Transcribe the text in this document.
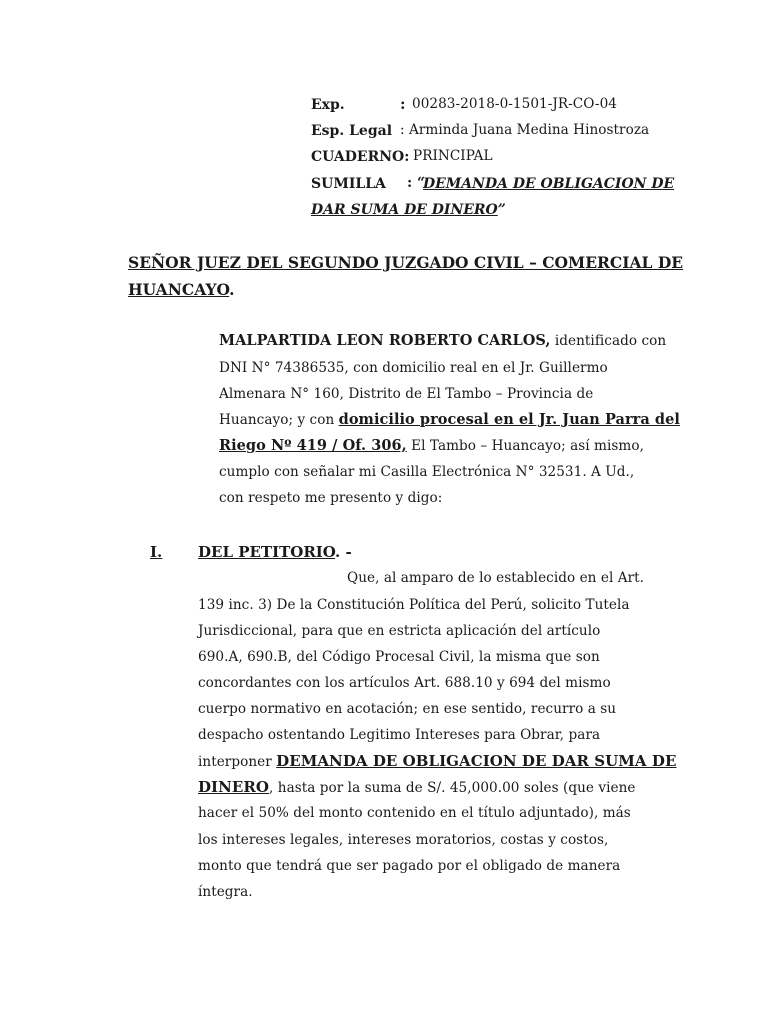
Exp.	: 00283-2018-0-1501-JR-CO-04
Esp. Legal : Arminda Juana Medina Hinostroza
CUADERNO: PRINCIPAL
SUMILLA : “
DEMANDA DE OBLIGACION DE
DAR SUMA DE DINERO”
SEÑOR JUEZ DEL SEGUNDO JUZGADO CIVIL – COMERCIAL DE
HUANCAYO.
MALPARTIDA LEON ROBERTO CARLOS, identificado con
DNI N° 74386535, con domicilio real en el Jr. Guillermo
Almenara N° 160, Distrito de El Tambo – Provincia de
Huancayo; y con domicilio procesal en el Jr. Juan Parra del
Riego Nº 419 / Of. 306, El Tambo – Huancayo; así mismo,
cumplo con señalar mi Casilla Electrónica N° 32531. A Ud.,
con respeto me presento y digo:
I. DEL PETITORIO. -
Que, al amparo de lo establecido en el Art.
139 inc. 3) De la Constitución Política del Perú, solicito Tutela
Jurisdiccional, para que en estricta aplicación del artículo
690.A, 690.B, del Código Procesal Civil, la misma que son
concordantes con los artículos Art. 688.10 y 694 del mismo
cuerpo normativo en acotación; en ese sentido, recurro a su
despacho ostentando Legitimo Intereses para Obrar, para
interponer DEMANDA DE OBLIGACION DE DAR SUMA DE
DINERO, hasta por la suma de S/. 45,000.00 soles (que viene
hacer el 50% del monto contenido en el título adjuntado), más
los intereses legales, intereses moratorios, costas y costos,
monto que tendrá que ser pagado por el obligado de manera
íntegra.
